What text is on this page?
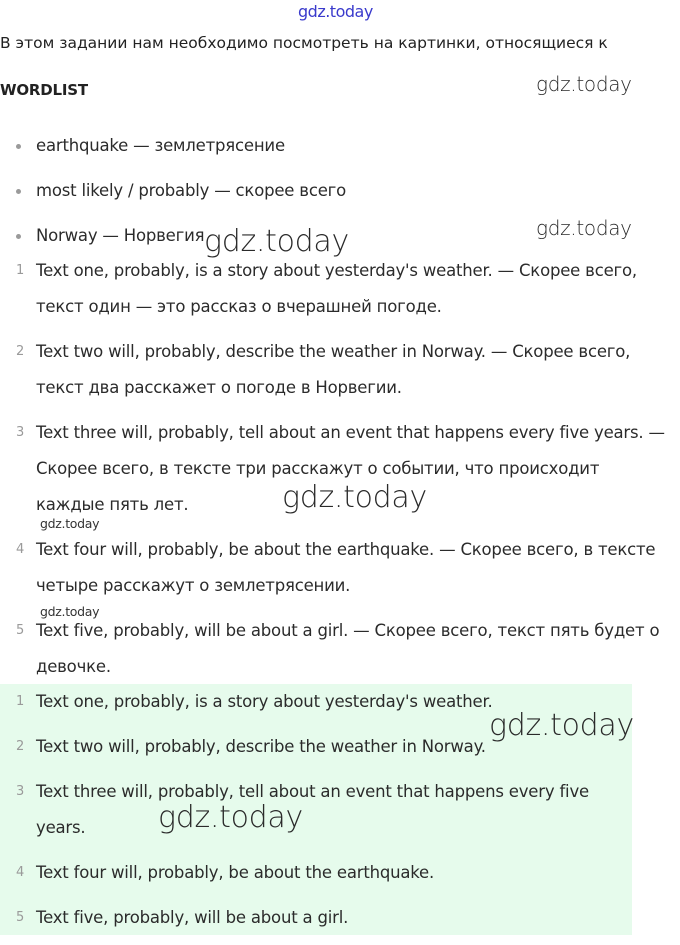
gdz.today
В этом задании нам необходимо посмотреть на картинки, относящиеся к
WORDLIST
earthquake — землетрясение
most likely / probably — скорее всего
Norway — Норвегия
1 Text one, probably, is a story about yesterday's weather. — Скорее всего, текст один — это рассказ о вчерашней погоде.
2 Text two will, probably, describe the weather in Norway. — Скорее всего, текст два расскажет о погоде в Норвегии.
3 Text three will, probably, tell about an event that happens every five years. — Скорее всего, в тексте три расскажут о событии, что происходит каждые пять лет.
4 Text four will, probably, be about the earthquake. — Скорее всего, в тексте четыре расскажут о землетрясении.
5 Text five, probably, will be about a girl. — Скорее всего, текст пять будет о девочке.
1 Text one, probably, is a story about yesterday's weather.
2 Text two will, probably, describe the weather in Norway.
3 Text three will, probably, tell about an event that happens every five years.
4 Text four will, probably, be about the earthquake.
5 Text five, probably, will be about a girl.
gdz.today
gdz.today
gdz.today
gdz.today
gdz.today
gdz.today
gdz.today
gdz.today
